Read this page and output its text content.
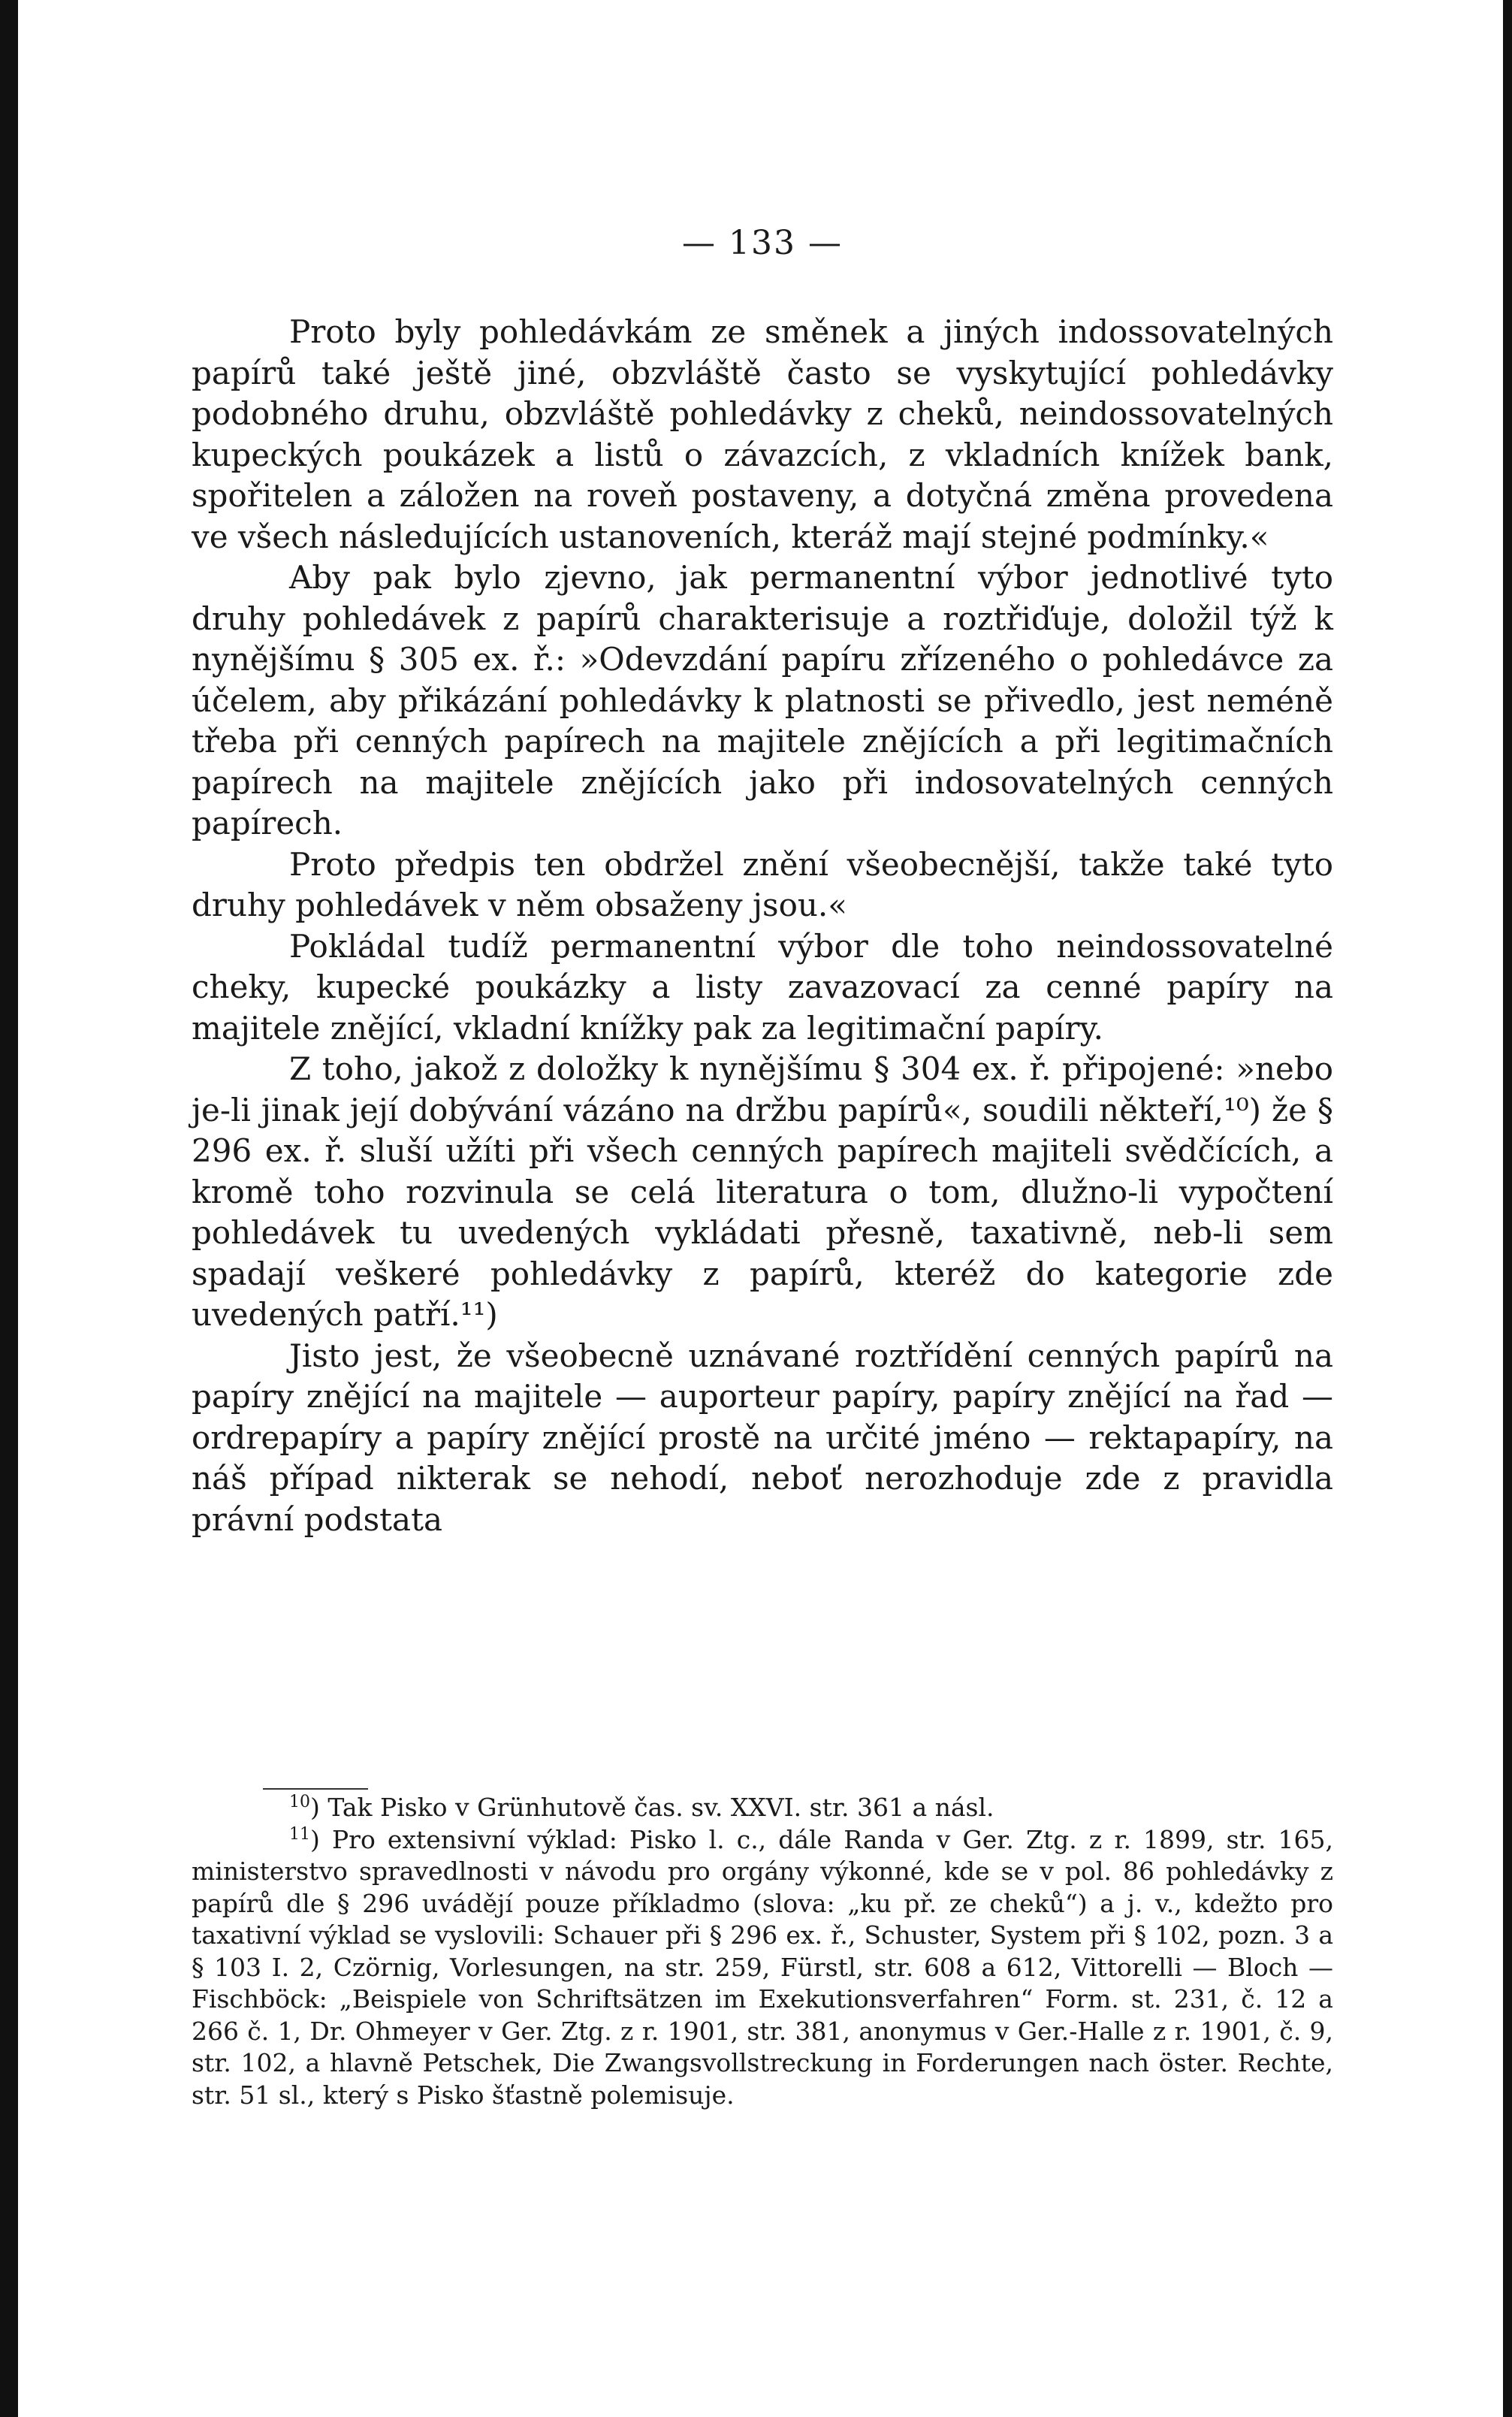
— 133 —

Proto byly pohledávkám ze směnek a jiných indossovatelných papírů také ještě jiné, obzvláště často se vyskytující pohledávky podobného druhu, obzvláště pohledávky z cheků, neindossovatelných kupeckých poukázek a listů o závazcích, z vkladních knížek bank, spořitelen a záložen na roveň postaveny, a dotyčná změna provedena ve všech následujících ustanoveních, kteráž mají stejné podmínky.«

Aby pak bylo zjevno, jak permanentní výbor jednotlivé tyto druhy pohledávek z papírů charakterisuje a roztřiďuje, doložil týž k nynějšímu § 305 ex. ř.: »Odevzdání papíru zřízeného o pohledávce za účelem, aby přikázání pohledávky k platnosti se přivedlo, jest neméně třeba při cenných papírech na majitele znějících a při legitimačních papírech na majitele znějících jako při indosovatelných cenných papírech.

Proto předpis ten obdržel znění všeobecnější, takže také tyto druhy pohledávek v něm obsaženy jsou.«

Pokládal tudíž permanentní výbor dle toho neindossovatelné cheky, kupecké poukázky a listy zavazovací za cenné papíry na majitele znějící, vkladní knížky pak za legitimační papíry.

Z toho, jakož z doložky k nynějšímu § 304 ex. ř. připojené: »nebo je-li jinak její dobývání vázáno na držbu papírů«, soudili někteří,¹⁰) že § 296 ex. ř. sluší užíti při všech cenných papírech majiteli svědčících, a kromě toho rozvinula se celá literatura o tom, dlužno-li vypočtení pohledávek tu uvedených vykládati přesně, taxativně, neb-li sem spadají veškeré pohledávky z papírů, kteréž do kategorie zde uvedených patří.¹¹)

Jisto jest, že všeobecně uznávané roztřídění cenných papírů na papíry znějící na majitele — auporteur papíry, papíry znějící na řad — ordrepapíry a papíry znějící prostě na určité jméno — rektapapíry, na náš případ nikterak se nehodí, neboť nerozhoduje zde z pravidla právní podstata

$^{10}$) Tak Pisko v Grünhutově čas. sv. XXVI. str. 361 a násl.

$^{11}$) Pro extensivní výklad: Pisko l. c., dále Randa v Ger. Ztg. z r. 1899, str. 165, ministerstvo spravedlnosti v návodu pro orgány výkonné, kde se v pol. 86 pohledávky z papírů dle § 296 uvádějí pouze příkladmo (slova: „ku př. ze cheků“) a j. v., kdežto pro taxativní výklad se vyslovili: Schauer při § 296 ex. ř., Schuster, System při § 102, pozn. 3 a § 103 I. 2, Czörnig, Vorlesungen, na str. 259, Fürstl, str. 608 a 612, Vittorelli — Bloch — Fischböck: „Beispiele von Schriftsätzen im Exekutionsverfahren“ Form. st. 231, č. 12 a 266 č. 1, Dr. Ohmeyer v Ger. Ztg. z r. 1901, str. 381, anonymus v Ger.-Halle z r. 1901, č. 9, str. 102, a hlavně Petschek, Die Zwangsvollstreckung in Forderungen nach öster. Rechte, str. 51 sl., který s Pisko šťastně polemisuje.
